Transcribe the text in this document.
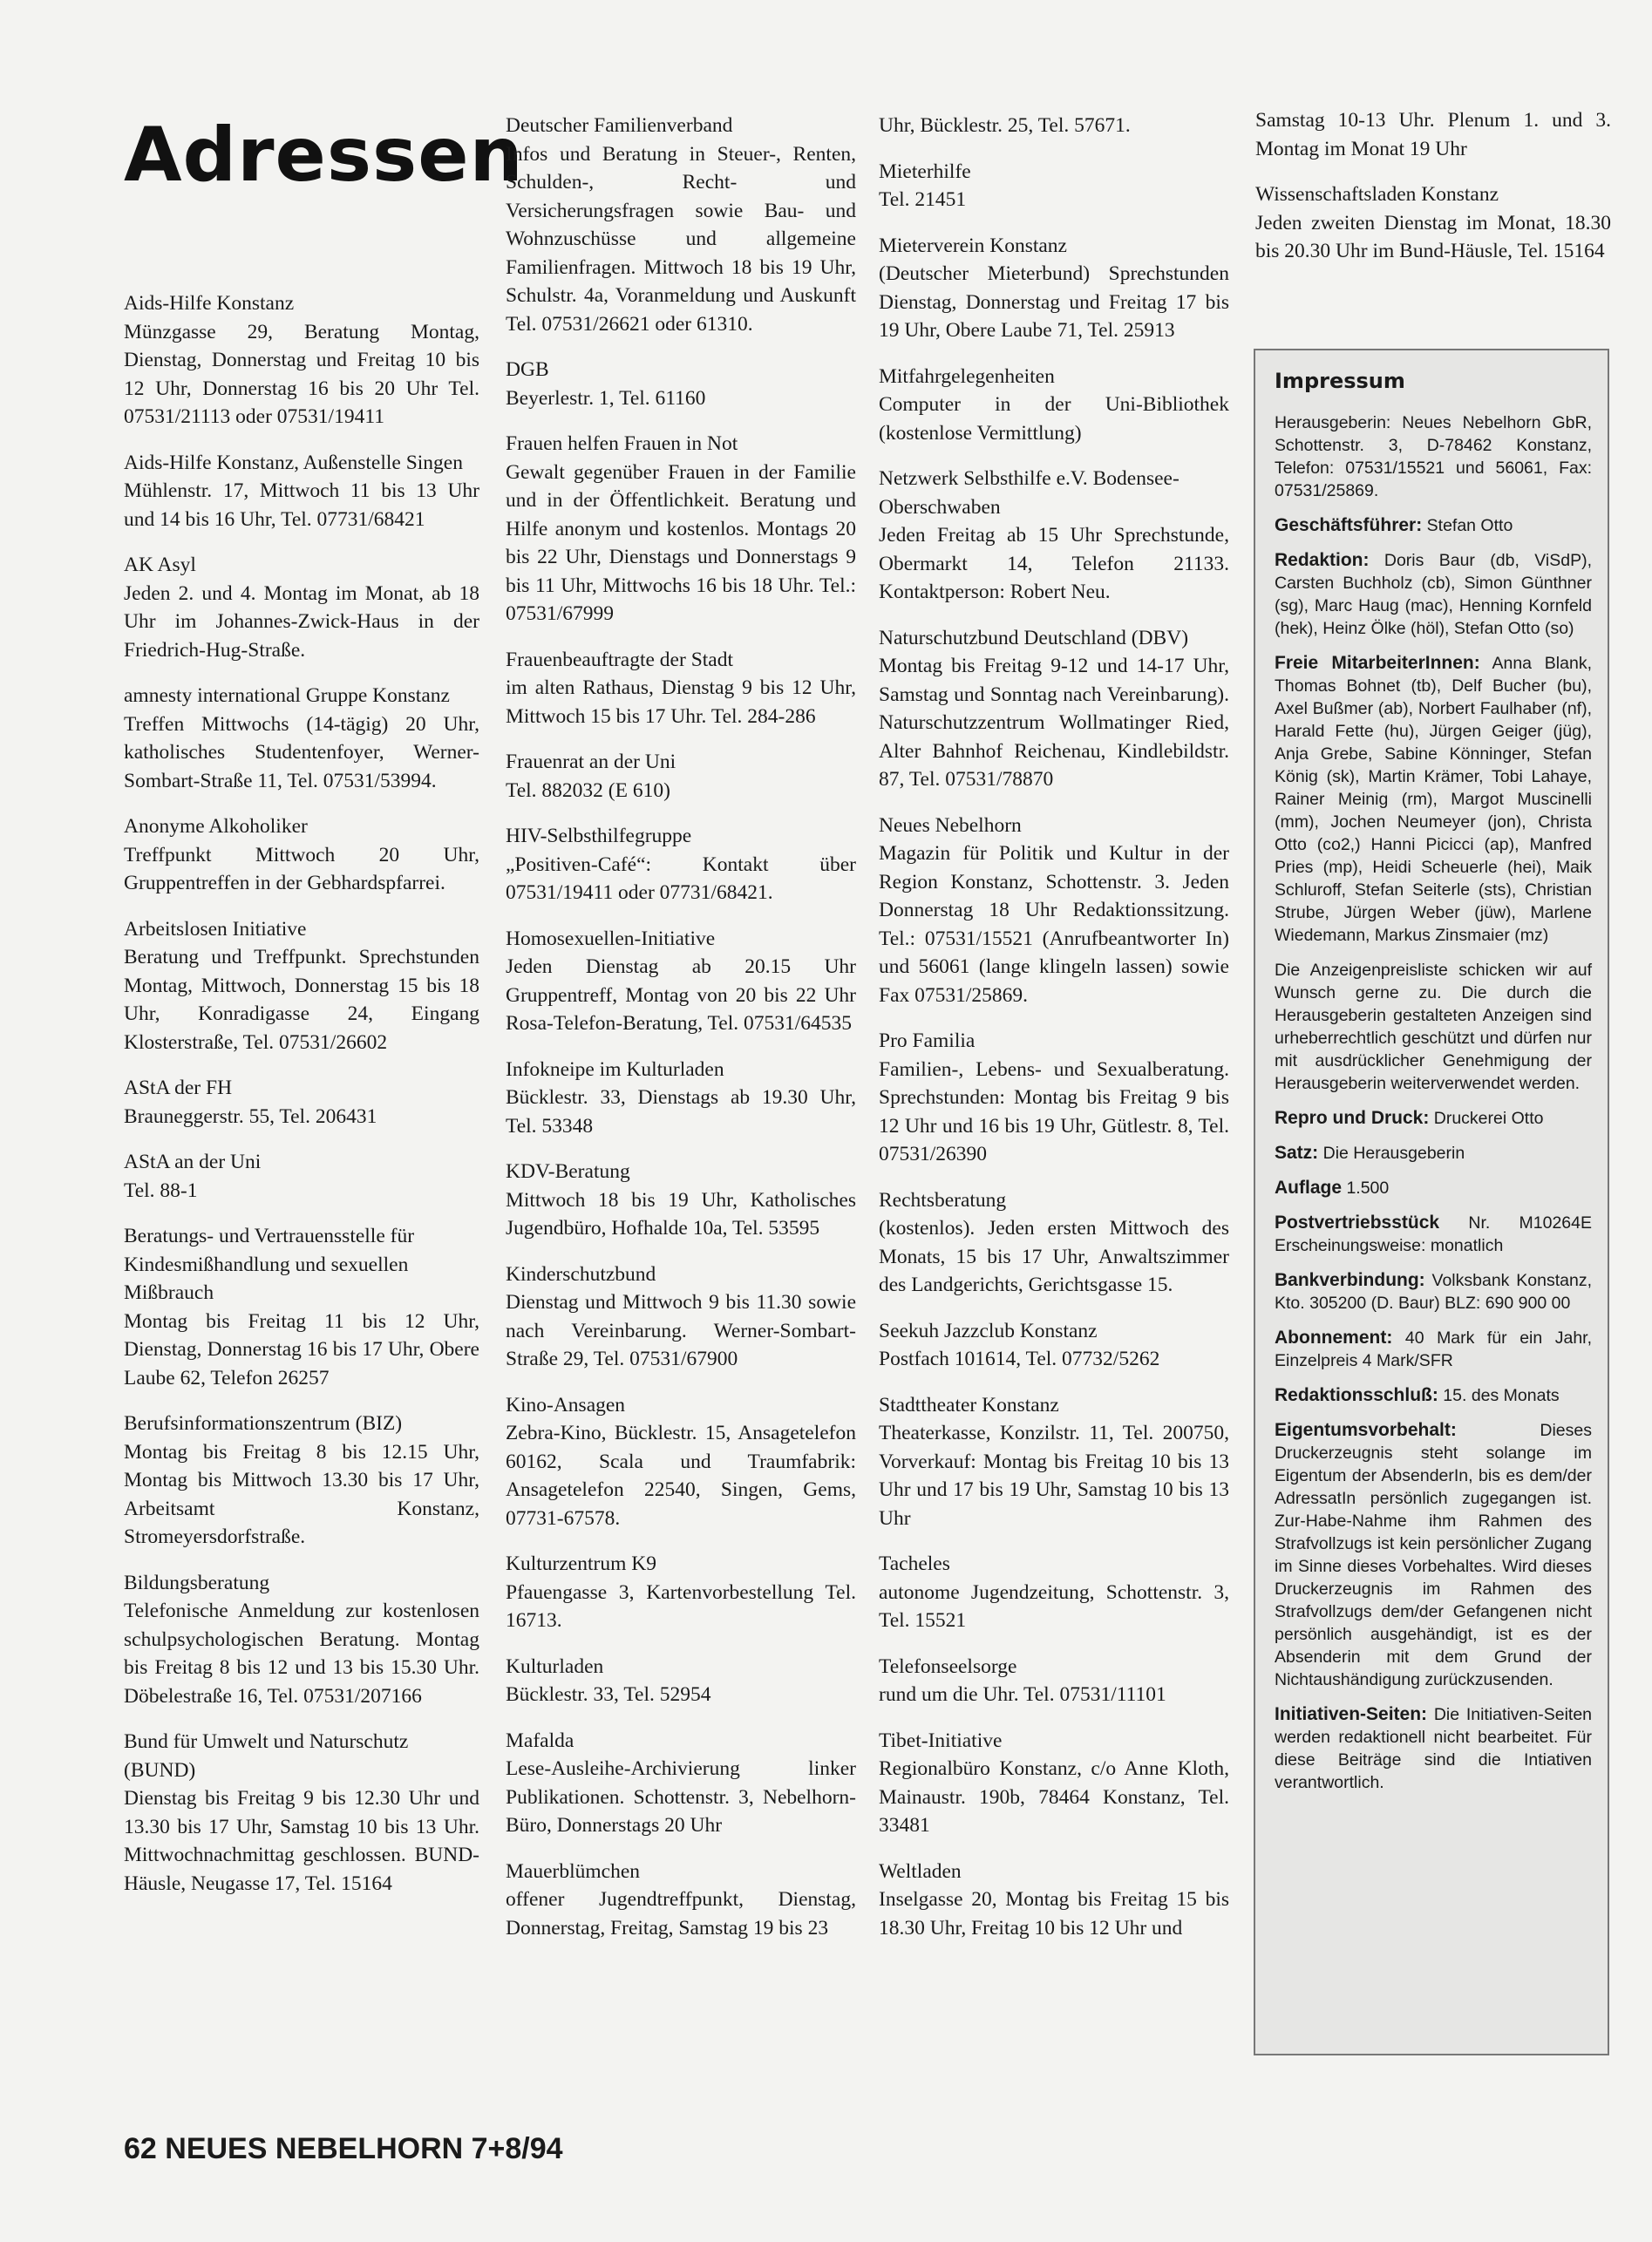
Adressen

Aids-Hilfe Konstanz

Münzgasse 29, Beratung Montag, Dienstag, Donnerstag und Freitag 10 bis 12 Uhr, Donnerstag 16 bis 20 Uhr Tel. 07531/21113 oder 07531/19411

Aids-Hilfe Konstanz, Außenstelle Singen

Mühlenstr. 17, Mittwoch 11 bis 13 Uhr und 14 bis 16 Uhr, Tel. 07731/68421

AK Asyl

Jeden 2. und 4. Montag im Monat, ab 18 Uhr im Johannes-Zwick-Haus in der Friedrich-Hug-Straße.

amnesty international Gruppe Konstanz

Treffen Mittwochs (14-tägig) 20 Uhr, katholisches Studentenfoyer, Werner-Sombart-Straße 11, Tel. 07531/53994.

Anonyme Alkoholiker

Treffpunkt Mittwoch 20 Uhr, Gruppentreffen in der Gebhardspfarrei.

Arbeitslosen Initiative

Beratung und Treffpunkt. Sprechstunden Montag, Mittwoch, Donnerstag 15 bis 18 Uhr, Konradigasse 24, Eingang Klosterstraße, Tel. 07531/26602

AStA der FH

Brauneggerstr. 55, Tel. 206431

AStA an der Uni

Tel. 88-1

Beratungs- und Vertrauensstelle für Kindesmißhandlung und sexuellen Mißbrauch

Montag bis Freitag 11 bis 12 Uhr, Dienstag, Donnerstag 16 bis 17 Uhr, Obere Laube 62, Telefon 26257

Berufsinformationszentrum (BIZ)

Montag bis Freitag 8 bis 12.15 Uhr, Montag bis Mittwoch 13.30 bis 17 Uhr, Arbeitsamt Konstanz, Stromeyersdorfstraße.

Bildungsberatung

Telefonische Anmeldung zur kostenlosen schulpsychologischen Beratung. Montag bis Freitag 8 bis 12 und 13 bis 15.30 Uhr. Döbelestraße 16, Tel. 07531/207166

Bund für Umwelt und Naturschutz (BUND)

Dienstag bis Freitag 9 bis 12.30 Uhr und 13.30 bis 17 Uhr, Samstag 10 bis 13 Uhr. Mittwochnachmittag geschlossen. BUND-Häusle, Neugasse 17, Tel. 15164

Deutscher Familienverband

Infos und Beratung in Steuer-, Renten, Schulden-, Recht- und Versicherungsfragen sowie Bau- und Wohnzuschüsse und allgemeine Familienfragen. Mittwoch 18 bis 19 Uhr, Schulstr. 4a, Voranmeldung und Auskunft Tel. 07531/26621 oder 61310.

DGB

Beyerlestr. 1, Tel. 61160

Frauen helfen Frauen in Not

Gewalt gegenüber Frauen in der Familie und in der Öffentlichkeit. Beratung und Hilfe anonym und kostenlos. Montags 20 bis 22 Uhr, Dienstags und Donnerstags 9 bis 11 Uhr, Mittwochs 16 bis 18 Uhr. Tel.: 07531/67999

Frauenbeauftragte der Stadt

im alten Rathaus, Dienstag 9 bis 12 Uhr, Mittwoch 15 bis 17 Uhr. Tel. 284-286

Frauenrat an der Uni

Tel. 882032 (E 610)

HIV-Selbsthilfegruppe

„Positiven-Café“: Kontakt über 07531/19411 oder 07731/68421.

Homosexuellen-Initiative

Jeden Dienstag ab 20.15 Uhr Gruppentreff, Montag von 20 bis 22 Uhr Rosa-Telefon-Beratung, Tel. 07531/64535

Infokneipe im Kulturladen

Bücklestr. 33, Dienstags ab 19.30 Uhr, Tel. 53348

KDV-Beratung

Mittwoch 18 bis 19 Uhr, Katholisches Jugendbüro, Hofhalde 10a, Tel. 53595

Kinderschutzbund

Dienstag und Mittwoch 9 bis 11.30 sowie nach Vereinbarung. Werner-Sombart-Straße 29, Tel. 07531/67900

Kino-Ansagen

Zebra-Kino, Bücklestr. 15, Ansagetelefon 60162, Scala und Traumfabrik: Ansagetelefon 22540, Singen, Gems, 07731-67578.

Kulturzentrum K9

Pfauengasse 3, Kartenvorbestellung Tel. 16713.

Kulturladen

Bücklestr. 33, Tel. 52954

Mafalda

Lese-Ausleihe-Archivierung linker Publikationen. Schottenstr. 3, Nebelhorn-Büro, Donnerstags 20 Uhr

Mauerblümchen

offener Jugendtreffpunkt, Dienstag, Donnerstag, Freitag, Samstag 19 bis 23

Uhr, Bücklestr. 25, Tel. 57671.

Mieterhilfe

Tel. 21451

Mieterverein Konstanz

(Deutscher Mieterbund) Sprechstunden Dienstag, Donnerstag und Freitag 17 bis 19 Uhr, Obere Laube 71, Tel. 25913

Mitfahrgelegenheiten

Computer in der Uni-Bibliothek (kostenlose Vermittlung)

Netzwerk Selbsthilfe e.V. Bodensee-Oberschwaben

Jeden Freitag ab 15 Uhr Sprechstunde, Obermarkt 14, Telefon 21133. Kontaktperson: Robert Neu.

Naturschutzbund Deutschland (DBV)

Montag bis Freitag 9-12 und 14-17 Uhr, Samstag und Sonntag nach Vereinbarung). Naturschutzzentrum Wollmatinger Ried, Alter Bahnhof Reichenau, Kindlebildstr. 87, Tel. 07531/78870

Neues Nebelhorn

Magazin für Politik und Kultur in der Region Konstanz, Schottenstr. 3. Jeden Donnerstag 18 Uhr Redaktionssitzung. Tel.: 07531/15521 (Anrufbeantworter In) und 56061 (lange klingeln lassen) sowie Fax 07531/25869.

Pro Familia

Familien-, Lebens- und Sexualberatung. Sprechstunden: Montag bis Freitag 9 bis 12 Uhr und 16 bis 19 Uhr, Gütlestr. 8, Tel. 07531/26390

Rechtsberatung

(kostenlos). Jeden ersten Mittwoch des Monats, 15 bis 17 Uhr, Anwaltszimmer des Landgerichts, Gerichtsgasse 15.

Seekuh Jazzclub Konstanz

Postfach 101614, Tel. 07732/5262

Stadttheater Konstanz

Theaterkasse, Konzilstr. 11, Tel. 200750, Vorverkauf: Montag bis Freitag 10 bis 13 Uhr und 17 bis 19 Uhr, Samstag 10 bis 13 Uhr

Tacheles

autonome Jugendzeitung, Schottenstr. 3, Tel. 15521

Telefonseelsorge

rund um die Uhr. Tel. 07531/11101

Tibet-Initiative

Regionalbüro Konstanz, c/o Anne Kloth, Mainaustr. 190b, 78464 Konstanz, Tel. 33481

Weltladen

Inselgasse 20, Montag bis Freitag 15 bis 18.30 Uhr, Freitag 10 bis 12 Uhr und

Samstag 10-13 Uhr. Plenum 1. und 3. Montag im Monat 19 Uhr

Wissenschaftsladen Konstanz

Jeden zweiten Dienstag im Monat, 18.30 bis 20.30 Uhr im Bund-Häusle, Tel. 15164

Impressum

Herausgeberin: Neues Nebelhorn GbR, Schottenstr. 3, D-78462 Konstanz, Telefon: 07531/15521 und 56061, Fax: 07531/25869.

Geschäftsführer: Stefan Otto

Redaktion: Doris Baur (db, ViSdP), Carsten Buchholz (cb), Simon Günthner (sg), Marc Haug (mac), Henning Kornfeld (hek), Heinz Ölke (höl), Stefan Otto (so)

Freie MitarbeiterInnen: Anna Blank, Thomas Bohnet (tb), Delf Bucher (bu), Axel Bußmer (ab), Norbert Faulhaber (nf), Harald Fette (hu), Jürgen Geiger (jüg), Anja Grebe, Sabine Könninger, Stefan König (sk), Martin Krämer, Tobi Lahaye, Rainer Meinig (rm), Margot Muscinelli (mm), Jochen Neumeyer (jon), Christa Otto (co2,) Hanni Picicci (ap), Manfred Pries (mp), Heidi Scheuerle (hei), Maik Schluroff, Stefan Seiterle (sts), Christian Strube, Jürgen Weber (jüw), Marlene Wiedemann, Markus Zinsmaier (mz)

Die Anzeigenpreisliste schicken wir auf Wunsch gerne zu. Die durch die Herausgeberin gestalteten Anzeigen sind urheberrechtlich geschützt und dürfen nur mit ausdrücklicher Genehmigung der Herausgeberin weiterverwendet werden.

Repro und Druck: Druckerei Otto

Satz: Die Herausgeberin

Auflage 1.500

Postvertriebsstück Nr. M10264E Erscheinungsweise: monatlich

Bankverbindung: Volksbank Konstanz, Kto. 305200 (D. Baur) BLZ: 690 900 00

Abonnement: 40 Mark für ein Jahr, Einzelpreis 4 Mark/SFR

Redaktionsschluß: 15. des Monats

Eigentumsvorbehalt:	Dieses Druckerzeugnis steht solange im Eigentum der AbsenderIn, bis es dem/der AdressatIn persönlich zugegangen ist. Zur-Habe-Nahme ihm Rahmen des Strafvollzugs ist kein persönlicher Zugang im Sinne dieses Vorbehaltes. Wird dieses Druckerzeugnis im Rahmen des Strafvollzugs dem/der Gefangenen nicht persönlich ausgehändigt, ist es der Absenderin mit dem Grund der Nichtaushändigung zurückzusenden.

Initiativen-Seiten: Die Initiativen-Seiten werden redaktionell nicht bearbeitet. Für diese Beiträge sind die Intiativen verantwortlich.

62 NEUES NEBELHORN 7+8/94
